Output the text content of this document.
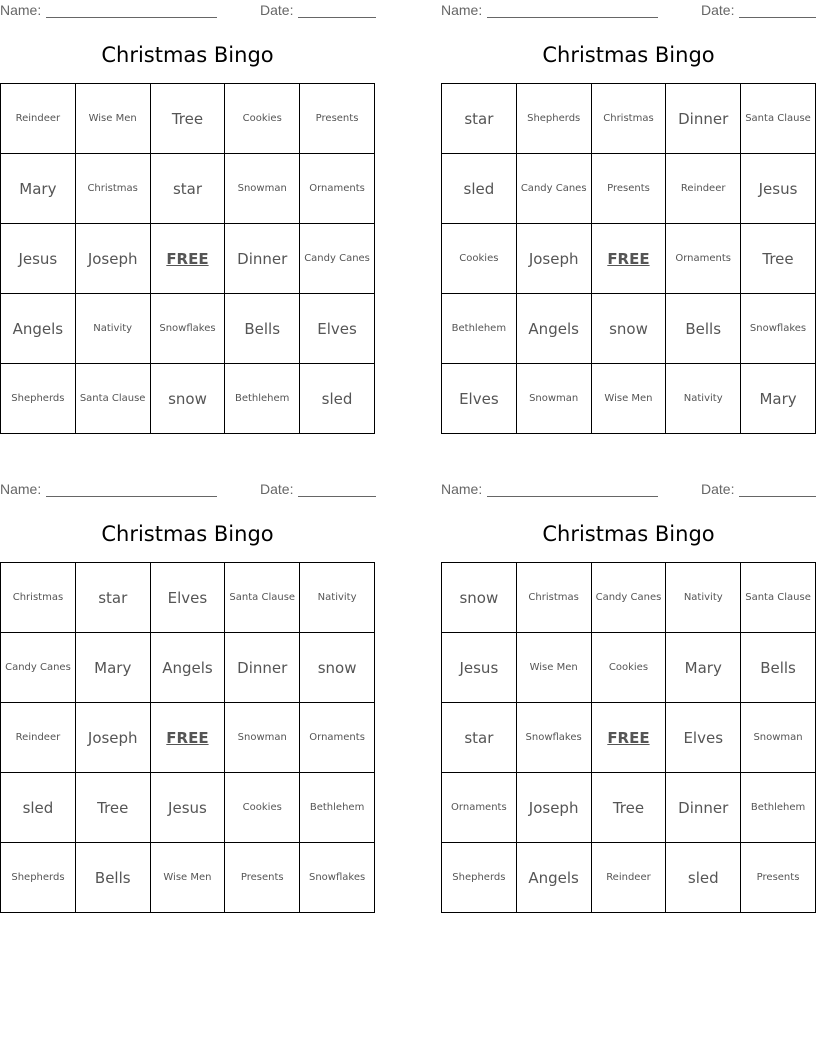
Name:	Date:
Christmas Bingo
Reindeer	Wise Men	Tree	Cookies	Presents
Mary	Christmas	star	Snowman	Ornaments
Jesus	Joseph	FREE	Dinner	Candy Canes
Angels	Nativity	Snowflakes	Bells	Elves
Shepherds	Santa Clause	snow	Bethlehem	sled
Name:	Date:
Christmas Bingo
star	Shepherds	Christmas	Dinner	Santa Clause
sled	Candy Canes	Presents	Reindeer	Jesus
Cookies	Joseph	FREE	Ornaments	Tree
Bethlehem	Angels	snow	Bells	Snowflakes
Elves	Snowman	Wise Men	Nativity	Mary
Name:	Date:
Christmas Bingo
Christmas	star	Elves	Santa Clause	Nativity
Candy Canes	Mary	Angels	Dinner	snow
Reindeer	Joseph	FREE	Snowman	Ornaments
sled	Tree	Jesus	Cookies	Bethlehem
Shepherds	Bells	Wise Men	Presents	Snowflakes
Name:	Date:
Christmas Bingo
snow	Christmas	Candy Canes	Nativity	Santa Clause
Jesus	Wise Men	Cookies	Mary	Bells
star	Snowflakes	FREE	Elves	Snowman
Ornaments	Joseph	Tree	Dinner	Bethlehem
Shepherds	Angels	Reindeer	sled	Presents
